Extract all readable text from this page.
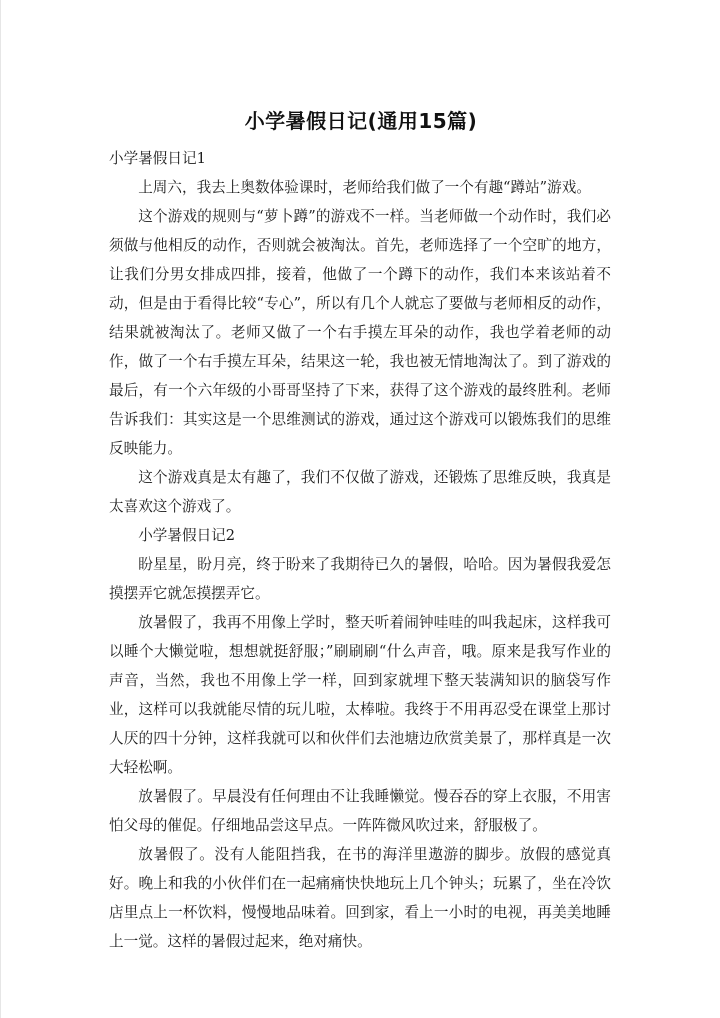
小学暑假日记(通用15篇)

小学暑假日记1

上周六，我去上奥数体验课时，老师给我们做了一个有趣“蹲站”游戏。

这个游戏的规则与“萝卜蹲”的游戏不一样。当老师做一个动作时，我们必须做与他相反的动作，否则就会被淘汰。首先，老师选择了一个空旷的地方，让我们分男女排成四排，接着，他做了一个蹲下的动作，我们本来该站着不动，但是由于看得比较“专心”，所以有几个人就忘了要做与老师相反的动作，结果就被淘汰了。老师又做了一个右手摸左耳朵的动作，我也学着老师的动作，做了一个右手摸左耳朵，结果这一轮，我也被无情地淘汰了。到了游戏的最后，有一个六年级的小哥哥坚持了下来，获得了这个游戏的最终胜利。老师告诉我们：其实这是一个思维测试的游戏，通过这个游戏可以锻炼我们的思维反映能力。

这个游戏真是太有趣了，我们不仅做了游戏，还锻炼了思维反映，我真是太喜欢这个游戏了。

小学暑假日记2

盼星星，盼月亮，终于盼来了我期待已久的暑假，哈哈。因为暑假我爱怎摸摆弄它就怎摸摆弄它。

放暑假了，我再不用像上学时，整天听着闹钟哇哇的叫我起床，这样我可以睡个大懒觉啦，想想就挺舒服；”刷刷刷“什么声音，哦。原来是我写作业的声音，当然，我也不用像上学一样，回到家就埋下整天装满知识的脑袋写作业，这样可以我就能尽情的玩儿啦，太棒啦。我终于不用再忍受在课堂上那讨人厌的四十分钟，这样我就可以和伙伴们去池塘边欣赏美景了，那样真是一次大轻松啊。

放暑假了。早晨没有任何理由不让我睡懒觉。慢吞吞的穿上衣服，不用害怕父母的催促。仔细地品尝这早点。一阵阵微风吹过来，舒服极了。

放暑假了。没有人能阻挡我，在书的海洋里遨游的脚步。放假的感觉真好。晚上和我的小伙伴们在一起痛痛快快地玩上几个钟头；玩累了，坐在冷饮店里点上一杯饮料，慢慢地品味着。回到家，看上一小时的电视，再美美地睡上一觉。这样的暑假过起来，绝对痛快。
